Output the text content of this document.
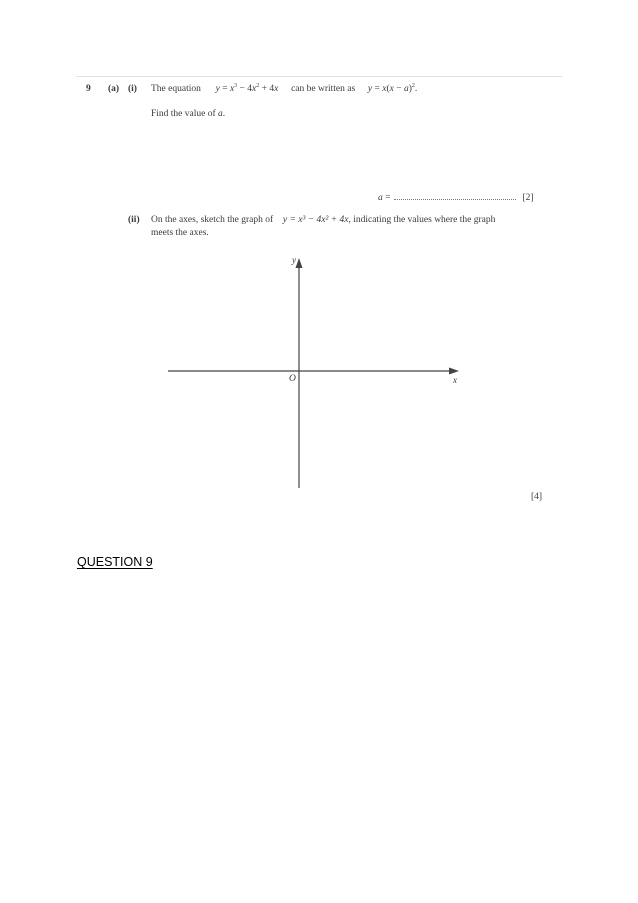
9 (a) (i) The equation $y = x^3 - 4x^2 + 4x$ can be written as $y = x(x - a)^2$.
Find the value of a.
a =	[2]
(ii) On the axes, sketch the graph of y = x³ − 4x² + 4x, indicating the values where the graph
meets the axes.
y
x
O
[4]
QUESTION 9
